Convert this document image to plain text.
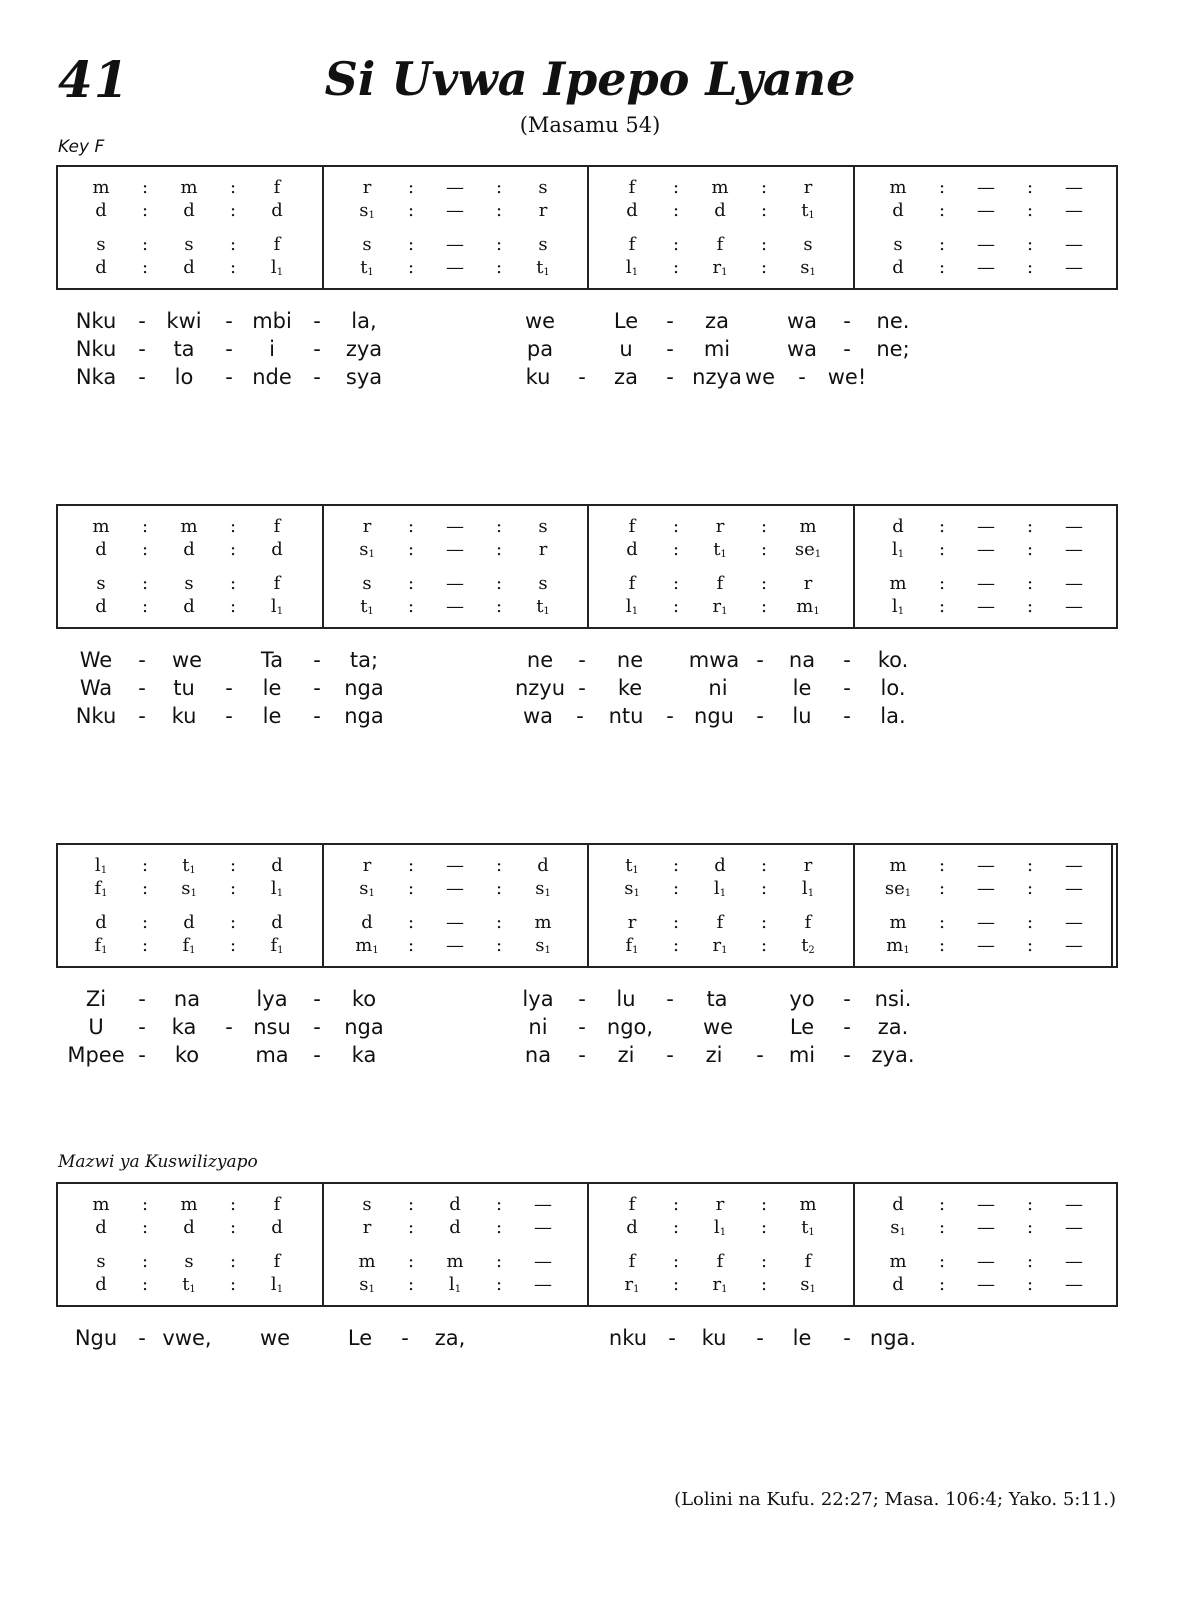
41	Si Uvwa Ipepo Lyane
(Masamu 54)
Key F
Mazwi ya Kuswilizyapo
(Lolini na Kufu. 22:27; Masa. 106:4; Yako. 5:11.)
m : m : f	r : — : s	f : m : r	m : — : —
d : d : d	$s_1$ : — : r	d : d : $t_1$	d : — : —
s : s : f	s : — : s	f : f : s	s : — : —
d : d : $l_1$	$t_1$ : — : $t_1$	$l_1$ : $r_1$ : $s_1$	d : — : —
Nku - kwi - mbi - la,	we	Le - za	wa - ne.
Nku - ta - i - zya	pa	u - mi	wa - ne;
Nka - lo - nde - sya	ku - za - nzya we - we!
m : m : f	r : — : s	f : r : m	d : — : —
d : d : d	$s_1$ : — : r	d : $t_1$ : $se_1$	$l_1$ : — : —
s : s : f	s : — : s	f : f : r	m : — : —
d : d : $l_1$	$t_1$ : — : $t_1$	$l_1$ : $r_1$ : $m_1$	$l_1$ : — : —
We - we	Ta - ta;	ne - ne mwa - na - ko.
Wa - tu - le - nga	nzyu - ke	ni	le - lo.
Nku - ku - le - nga	wa - ntu - ngu - lu - la.
$l_1$ : $t_1$ : d	r : — : d	$t_1$ : d : r	m : — : —
$f_1$ : $s_1$ : $l_1$	$s_1$ : — : $s_1$	$s_1$ : $l_1$ : $l_1$	$se_1$ : — : —
d : d : d	d : — : m	r : f : f	m : — : —
$f_1$ : $f_1$ : $f_1$	$m_1$ : — : $s_1$	$f_1$ : $r_1$ : $t_2$	$m_1$ : — : —
Zi - na	lya - ko	lya - lu - ta	yo - nsi.
U - ka - nsu - nga	ni - ngo, we	Le - za.
Mpee - ko	ma - ka	na - zi - zi - mi - zya.
m : m : f	s : d : —	f : r : m	d : — : —
d : d : d	r : d : —	d : $l_1$ : $t_1$	$s_1$ : — : —
s : s : f	m : m : —	f : f : f	m : — : —
d : $t_1$ : $l_1$	$s_1$ : $l_1$ : —	$r_1$ : $r_1$ : $s_1$	d : — : —
Ngu - vwe, we	Le - za,	nku - ku - le - nga.
